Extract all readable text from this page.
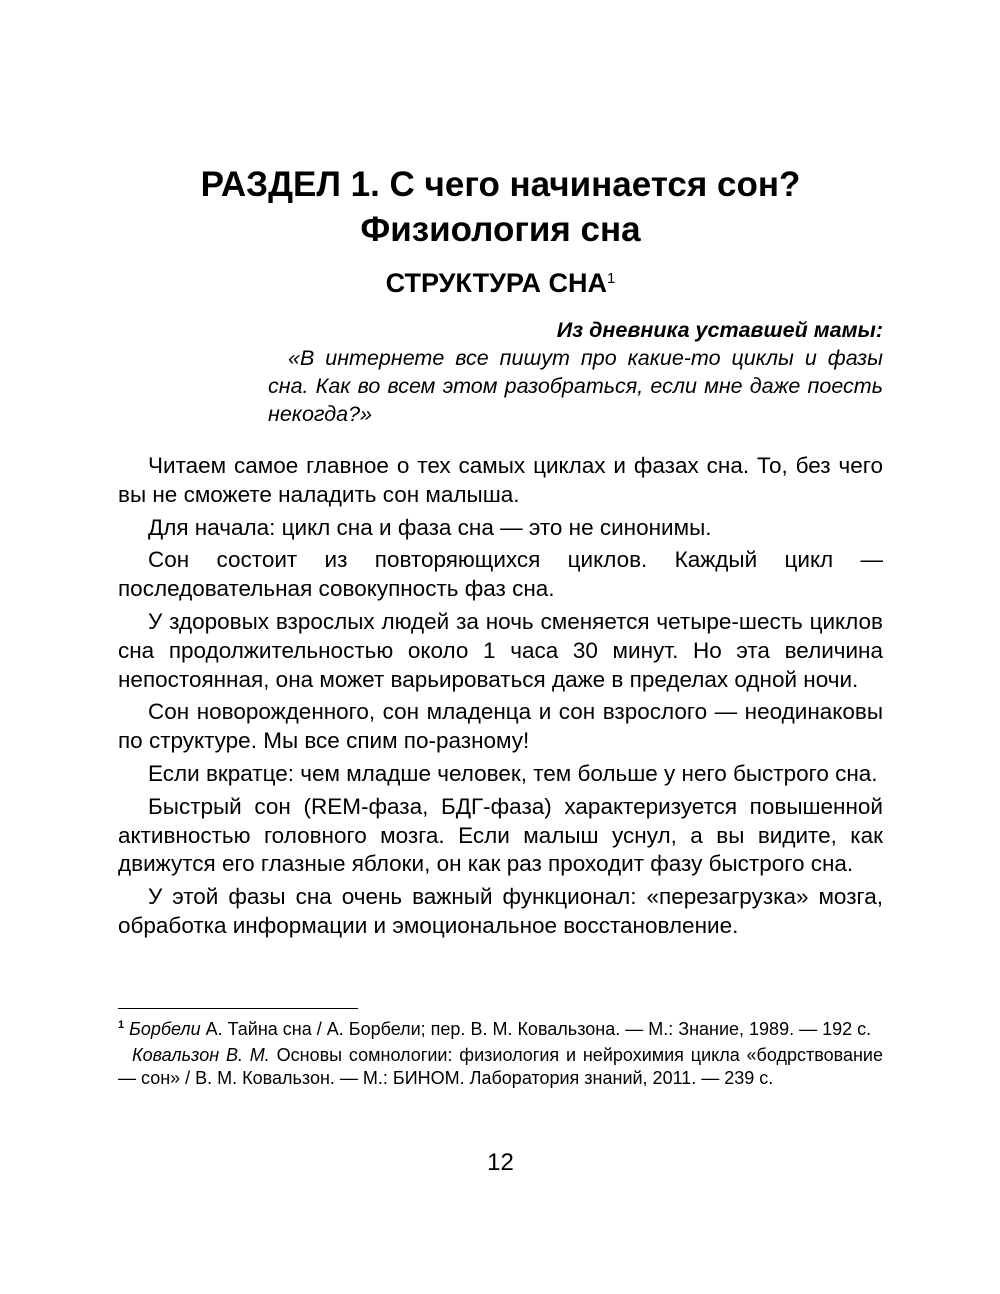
РАЗДЕЛ 1. С чего начинается сон?
Физиология сна
СТРУКТУРА СНА$^1$
Из дневника уставшей мамы:
«В интернете все пишут про какие-то циклы и фазы сна. Как во всем этом разобраться, если мне даже поесть некогда?»

Читаем самое главное о тех самых циклах и фазах сна. То, без чего вы не сможете наладить сон малыша.

Для начала: цикл сна и фаза сна — это не синонимы.

Сон состоит из повторяющихся циклов. Каждый цикл — последовательная совокупность фаз сна.

У здоровых взрослых людей за ночь сменяется четыре-шесть циклов сна продолжительностью около 1 часа 30 минут. Но эта величина непостоянная, она может варьироваться даже в пределах одной ночи.

Сон новорожденного, сон младенца и сон взрослого — неодинаковы по структуре. Мы все спим по-разному!

Если вкратце: чем младше человек, тем больше у него быстрого сна.

Быстрый сон (REM-фаза, БДГ-фаза) характеризуется повышенной активностью головного мозга. Если малыш уснул, а вы видите, как движутся его глазные яблоки, он как раз проходит фазу быстрого сна.

У этой фазы сна очень важный функционал: «перезагрузка» мозга, обработка информации и эмоциональное восстановление.

$^1$ Борбели А. Тайна сна / А. Борбели; пер. В. М. Ковальзона. — М.: Знание, 1989. — 192 с.

Ковальзон В. М. Основы сомнологии: физиология и нейрохимия цикла «бодрствование — сон» / В. М. Ковальзон. — М.: БИНОМ. Лаборатория знаний, 2011. — 239 с.

12
